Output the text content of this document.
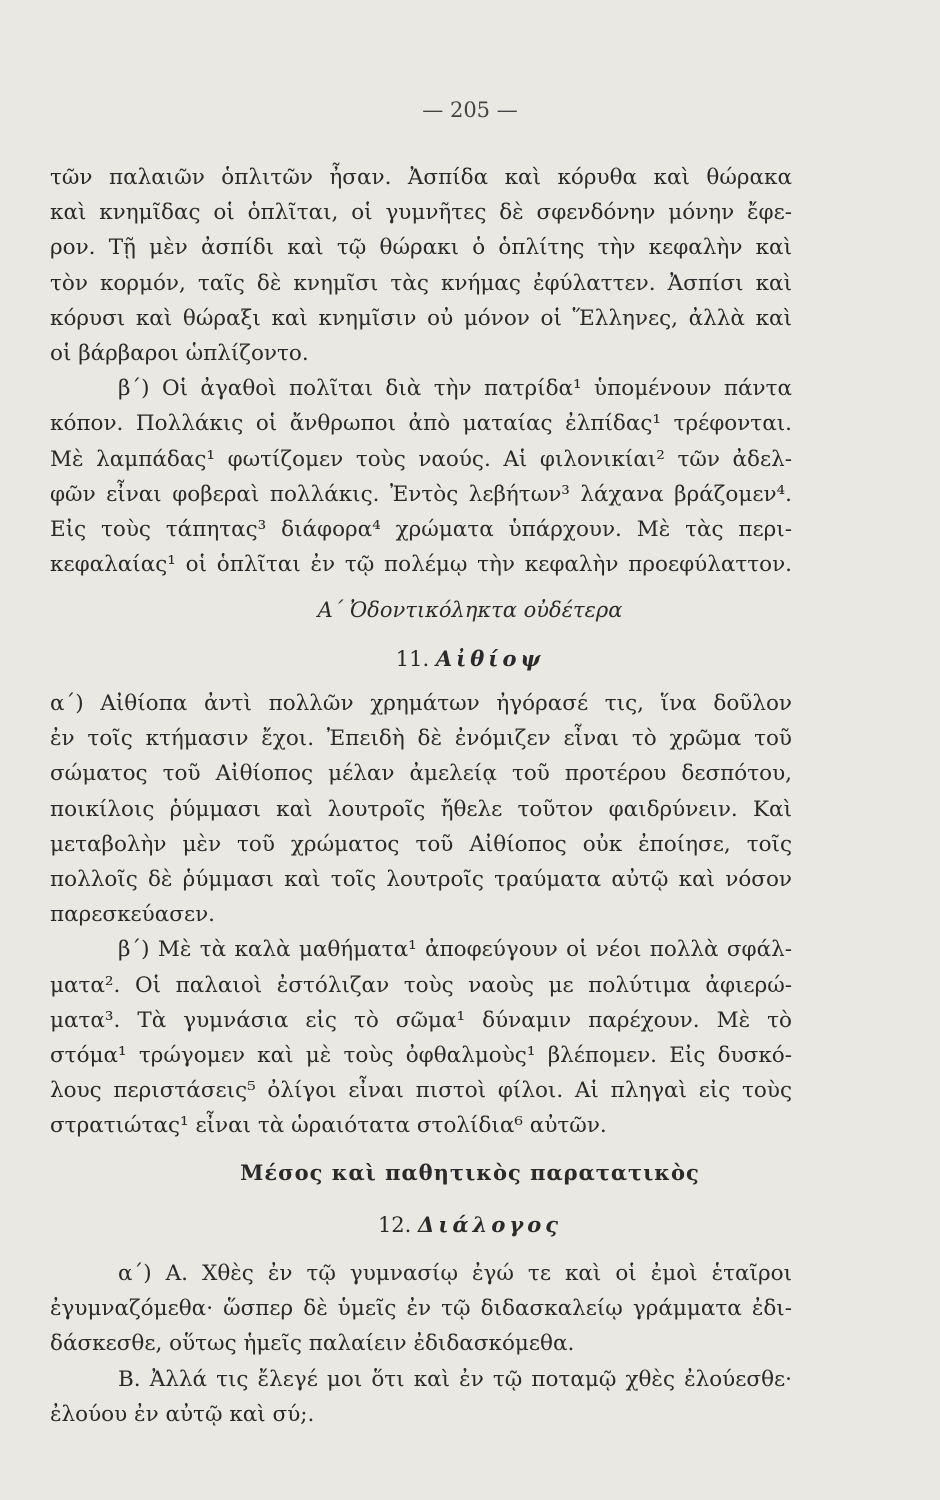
— 205 —
τῶν παλαιῶν ὁπλιτῶν ἦσαν. Ἀσπίδα καὶ κόρυθα καὶ θώρακα
καὶ κνημῖδας οἱ ὁπλῖται, οἱ γυμνῆτες δὲ σφενδόνην μόνην ἔφε-
ρον. Τῇ μὲν ἀσπίδι καὶ τῷ θώρακι ὁ ὁπλίτης τὴν κεφαλὴν καὶ
τὸν κορμόν, ταῖς δὲ κνημῖσι τὰς κνήμας ἐφύλαττεν. Ἀσπίσι καὶ
κόρυσι καὶ θώραξι καὶ κνημῖσιν οὐ μόνον οἱ Ἕλληνες, ἀλλὰ καὶ
οἱ βάρβαροι ὡπλίζοντο.
β΄) Οἱ ἀγαθοὶ πολῖται διὰ τὴν πατρίδα¹ ὑπομένουν πάντα
κόπον. Πολλάκις οἱ ἄνθρωποι ἀπὸ ματαίας ἐλπίδας¹ τρέφονται.
Μὲ λαμπάδας¹ φωτίζομεν τοὺς ναούς. Αἱ φιλονικίαι² τῶν ἀδελ-
φῶν εἶναι φοβεραὶ πολλάκις. Ἐντὸς λεβήτων³ λάχανα βράζομεν⁴.
Εἰς τοὺς τάπητας³ διάφορα⁴ χρώματα ὑπάρχουν. Μὲ τὰς περι-
κεφαλαίας¹ οἱ ὁπλῖται ἐν τῷ πολέμῳ τὴν κεφαλὴν προεφύλαττον.
Α΄ Ὀδοντικόληκτα οὐδέτερα
11. Αἰθίοψ
α΄) Αἰθίοπα ἀντὶ πολλῶν χρημάτων ἠγόρασέ τις, ἵνα δοῦλον
ἐν τοῖς κτήμασιν ἔχοι. Ἐπειδὴ δὲ ἐνόμιζεν εἶναι τὸ χρῶμα τοῦ
σώματος τοῦ Αἰθίοπος μέλαν ἀμελείᾳ τοῦ προτέρου δεσπότου,
ποικίλοις ῥύμμασι καὶ λουτροῖς ἤθελε τοῦτον φαιδρύνειν. Καὶ
μεταβολὴν μὲν τοῦ χρώματος τοῦ Αἰθίοπος οὐκ ἐποίησε, τοῖς
πολλοῖς δὲ ῥύμμασι καὶ τοῖς λουτροῖς τραύματα αὐτῷ καὶ νόσον
παρεσκεύασεν.
β΄) Μὲ τὰ καλὰ μαθήματα¹ ἀποφεύγουν οἱ νέοι πολλὰ σφάλ-
ματα². Οἱ παλαιοὶ ἐστόλιζαν τοὺς ναοὺς με πολύτιμα ἀφιερώ-
ματα³. Τὰ γυμνάσια εἰς τὸ σῶμα¹ δύναμιν παρέχουν. Μὲ τὸ
στόμα¹ τρώγομεν καὶ μὲ τοὺς ὀφθαλμοὺς¹ βλέπομεν. Εἰς δυσκό-
λους περιστάσεις⁵ ὀλίγοι εἶναι πιστοὶ φίλοι. Αἱ πληγαὶ εἰς τοὺς
στρατιώτας¹ εἶναι τὰ ὡραιότατα στολίδια⁶ αὐτῶν.
Μέσος καὶ παθητικὸς παρατατικὸς
12. Διάλογος
α΄) Α. Χθὲς ἐν τῷ γυμνασίῳ ἐγώ τε καὶ οἱ ἐμοὶ ἑταῖροι
ἐγυμναζόμεθα· ὥσπερ δὲ ὑμεῖς ἐν τῷ διδασκαλείῳ γράμματα ἐδι-
δάσκεσθε, οὕτως ἡμεῖς παλαίειν ἐδιδασκόμεθα.
Β. Ἀλλά τις ἔλεγέ μοι ὅτι καὶ ἐν τῷ ποταμῷ χθὲς ἐλούεσθε·
ἐλούου ἐν αὐτῷ καὶ σύ;.
